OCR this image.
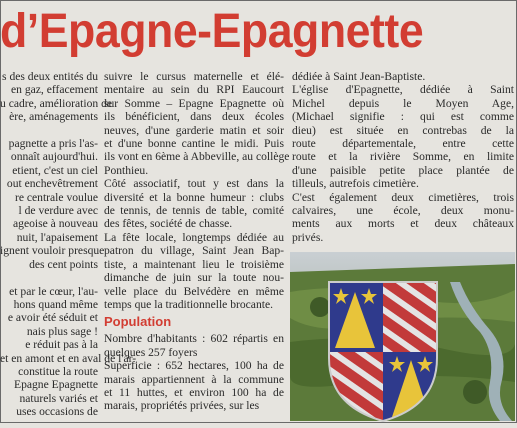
d’Epagne-Epagnette
s des deux entités du
en gaz, effacement
u cadre, amélioration de
ère, aménagements

pagnette a pris l'as-
onnaît aujourd'hui.
etient, c'est un ciel
out enchevêtrement
re centrale voulue
l de verdure avec
ageoise à nouveau
nuit, l'apaisement
ignent vouloir presque
des cent points

et par le cœur, l'au-
hons quand même
e avoir été séduit et
nais plus sage !
e réduit pas à la
et en amont et en aval de l'ar-
constitue la route
Epagne Epagnette
naturels variés et
uses occasions de
suivre le cursus maternelle et élé-
mentaire au sein du RPI Eaucourt
sur Somme – Epagne Epagnette où
ils bénéficient, dans deux écoles
neuves, d'une garderie matin et soir
et d'une bonne cantine le midi. Puis
ils vont en 6ème à Abbeville, au collège
Ponthieu.
Côté associatif, tout y est dans la
diversité et la bonne humeur : clubs
de tennis, de tennis de table, comité
des fêtes, société de chasse.
La fête locale, longtemps dédiée au
patron du village, Saint Jean Bap-
tiste, a maintenant lieu le troisième
dimanche de juin sur la toute nou-
velle place du Belvédère en même
temps que la traditionnelle brocante.
Population
Nombre d'habitants : 602 répartis en
quelques 257 foyers
Superficie : 652 hectares, 100 ha de
marais appartiennent à la commune
et 11 huttes, et environ 100 ha de
marais, propriétés privées, sur les
dédiée à Saint Jean-Baptiste.
L'église d'Epagnette, dédiée à Saint
Michel depuis le Moyen Age,
(Michael signifie : qui est comme
dieu) est située en contrebas de la
route départementale, entre cette
route et la rivière Somme, en limite
d'une paisible petite place plantée de
tilleuls, autrefois cimetière.
C'est également deux cimetières, trois
calvaires, une école, deux monu-
ments aux morts et deux châteaux
privés.
